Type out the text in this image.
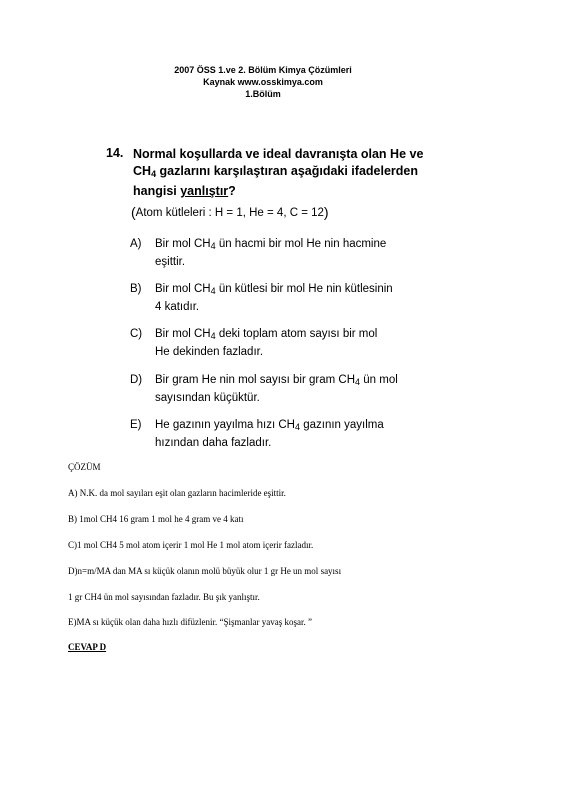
2007 ÖSS 1.ve 2. Bölüm Kimya Çözümleri
Kaynak www.osskimya.com
1.Bölüm
14. Normal koşullarda ve ideal davranışta olan He ve
$CH_4$ gazlarını karşılaştıran aşağıdaki ifadelerden
hangisi yanlıştır?
(Atom kütleleri : H = 1, He = 4, C = 12)
A)	Bir mol $CH_4$ ün hacmi bir mol He nin hacmine
eşittir.
B)	Bir mol $CH_4$ ün kütlesi bir mol He nin kütlesinin
4 katıdır.
C)	Bir mol $CH_4$ deki toplam atom sayısı bir mol
He dekinden fazladır.
D)	Bir gram He nin mol sayısı bir gram $CH_4$ ün mol
sayısından küçüktür.
E)	He gazının yayılma hızı $CH_4$ gazının yayılma
hızından daha fazladır.
ÇÖZÜM
A) N.K. da mol sayıları eşit olan gazların hacimleride eşittir.
B) 1mol CH4 16 gram 1 mol he 4 gram ve 4 katı
C)1 mol CH4 5 mol atom içerir 1 mol He 1 mol atom içerir fazladır.
D)n=m/MA dan MA sı küçük olanın molü büyük olur 1 gr He un mol sayısı
1 gr CH4 ün mol sayısından fazladır. Bu şık yanlıştır.
E)MA sı küçük olan daha hızlı difüzlenir. “Şişmanlar yavaş koşar. ”
CEVAP D
